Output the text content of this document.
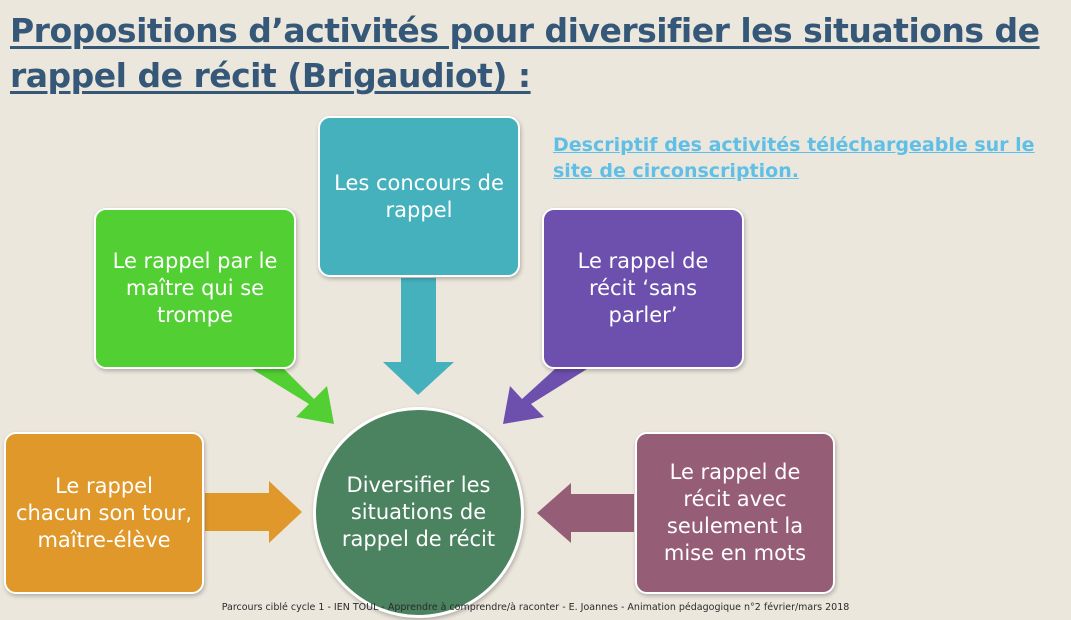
Propositions d’activités pour diversifier les situations de rappel de récit (Brigaudiot) :
Descriptif des activités téléchargeable sur le site de circonscription.
Les concours de rappel
Le rappel par le maître qui se trompe
Le rappel de récit ‘sans parler’
Le rappel chacun son tour, maître-élève
Le rappel de récit avec seulement la mise en mots
Diversifier les situations de rappel de récit
Parcours ciblé cycle 1 - IEN TOUL - Apprendre à comprendre/à raconter - E. Joannes - Animation pédagogique n°2 février/mars 2018
